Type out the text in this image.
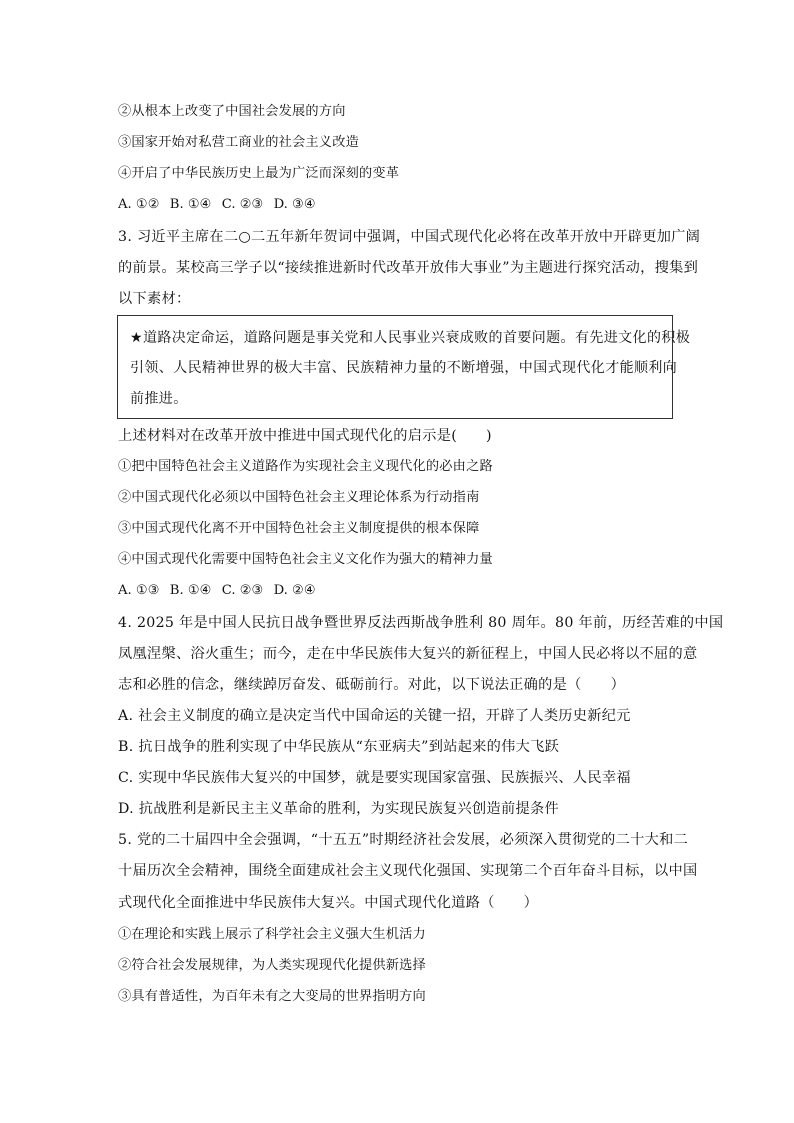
②从根本上改变了中国社会发展的方向
③国家开始对私营工商业的社会主义改造
④开启了中华民族历史上最为广泛而深刻的变革
A. ①② B. ①④ C. ②③ D. ③④
3. 习近平主席在二○二五年新年贺词中强调，中国式现代化必将在改革开放中开辟更加广阔
的前景。某校高三学子以“接续推进新时代改革开放伟大事业”为主题进行探究活动，搜集到
以下素材：
★道路决定命运，道路问题是事关党和人民事业兴衰成败的首要问题。有先进文化的积极
引领、人民精神世界的极大丰富、民族精神力量的不断增强，中国式现代化才能顺利向
前推进。
上述材料对在改革开放中推进中国式现代化的启示是(　　)
①把中国特色社会主义道路作为实现社会主义现代化的必由之路
②中国式现代化必须以中国特色社会主义理论体系为行动指南
③中国式现代化离不开中国特色社会主义制度提供的根本保障
④中国式现代化需要中国特色社会主义文化作为强大的精神力量
A. ①③ B. ①④ C. ②③ D. ②④
4. 2025 年是中国人民抗日战争暨世界反法西斯战争胜利 80 周年。80 年前，历经苦难的中国
凤凰涅槃、浴火重生；而今，走在中华民族伟大复兴的新征程上，中国人民必将以不屈的意
志和必胜的信念，继续踔厉奋发、砥砺前行。对此，以下说法正确的是（　　）
A. 社会主义制度的确立是决定当代中国命运的关键一招，开辟了人类历史新纪元
B. 抗日战争的胜利实现了中华民族从“东亚病夫”到站起来的伟大飞跃
C. 实现中华民族伟大复兴的中国梦，就是要实现国家富强、民族振兴、人民幸福
D. 抗战胜利是新民主主义革命的胜利，为实现民族复兴创造前提条件
5. 党的二十届四中全会强调，“十五五”时期经济社会发展，必须深入贯彻党的二十大和二
十届历次全会精神，围绕全面建成社会主义现代化强国、实现第二个百年奋斗目标，以中国
式现代化全面推进中华民族伟大复兴。中国式现代化道路（　　）
①在理论和实践上展示了科学社会主义强大生机活力
②符合社会发展规律，为人类实现现代化提供新选择
③具有普适性，为百年未有之大变局的世界指明方向
